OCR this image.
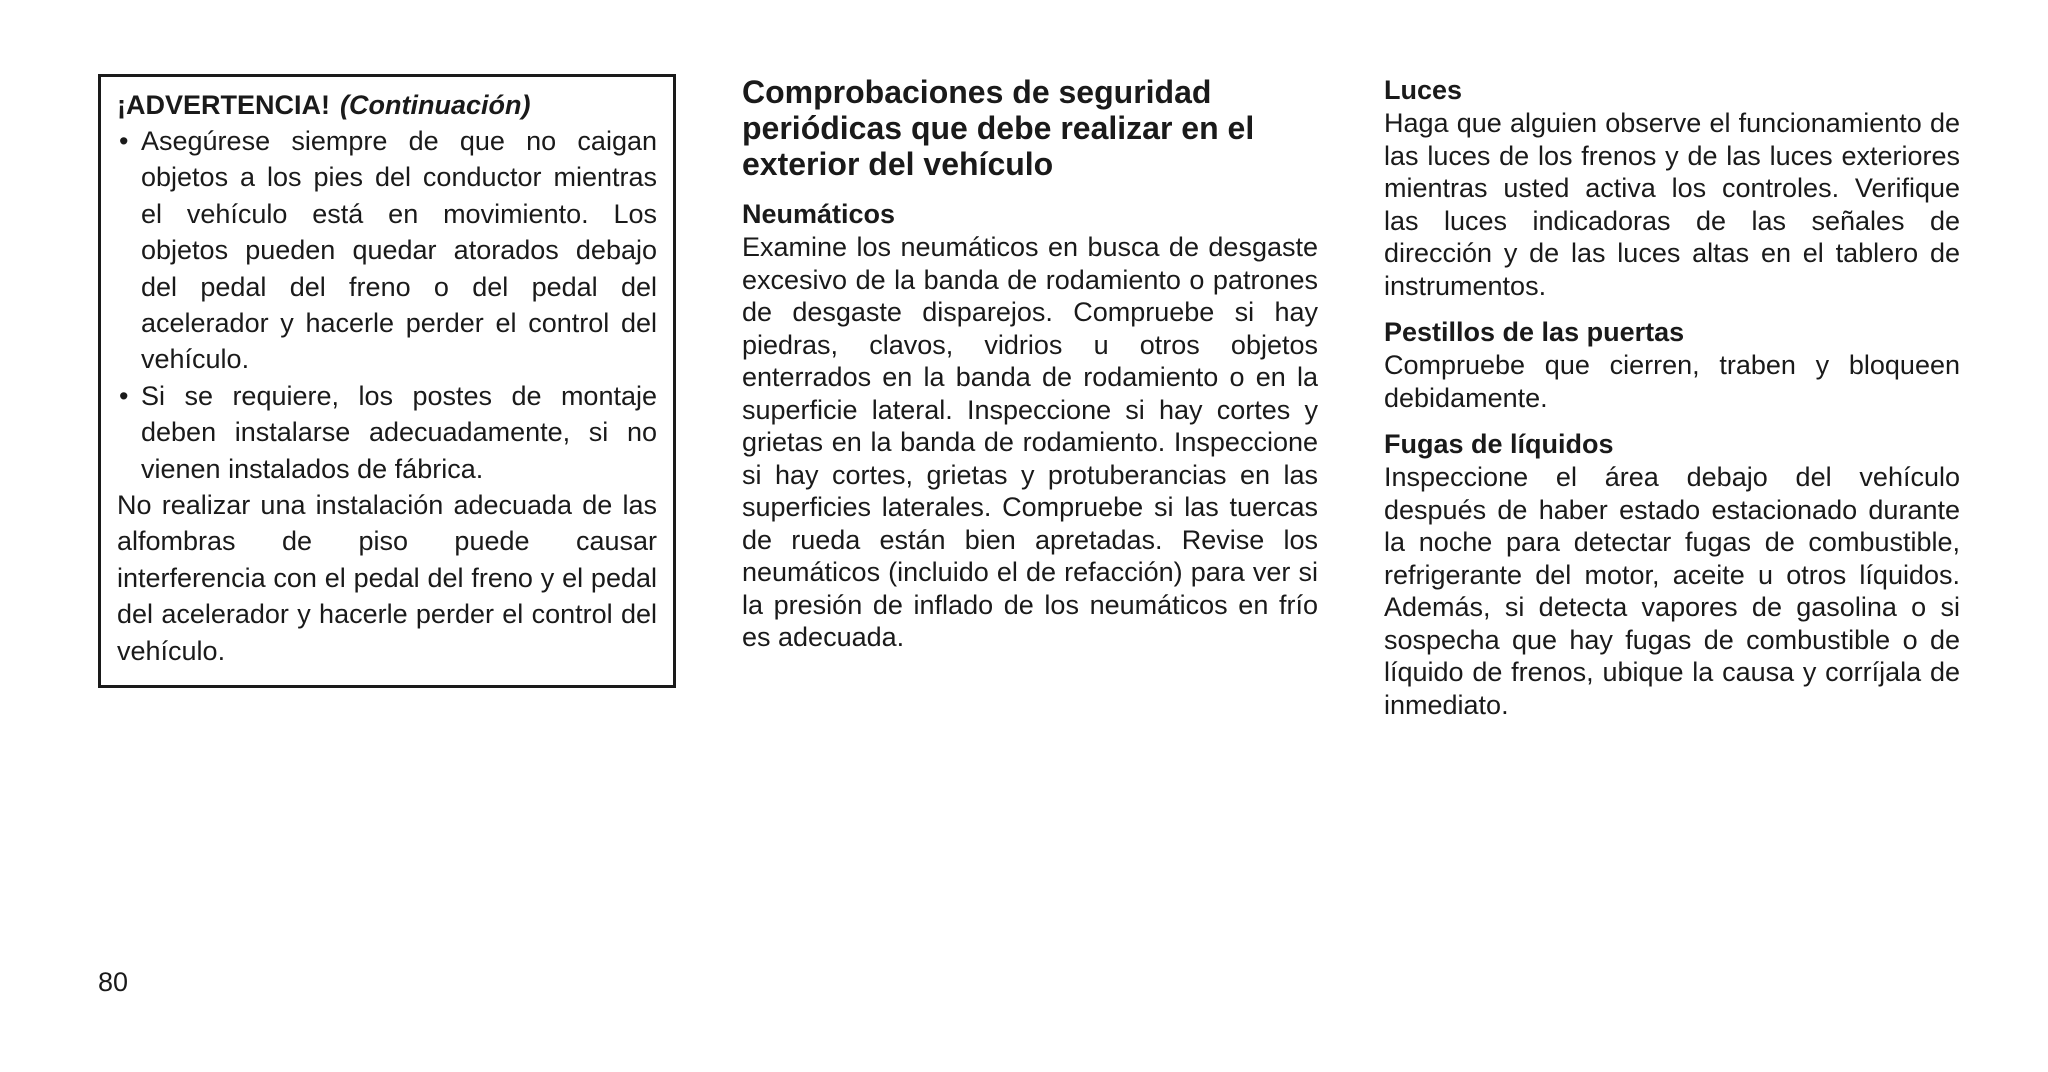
¡ADVERTENCIA! (Continuación)
• Asegúrese siempre de que no caigan objetos a los pies del conductor mientras el vehículo está en movimiento. Los objetos pueden quedar atorados debajo del pedal del freno o del pedal del acelerador y hacerle perder el control del vehículo.
• Si se requiere, los postes de montaje deben instalarse adecuadamente, si no vienen instalados de fábrica.
No realizar una instalación adecuada de las alfombras de piso puede causar interferencia con el pedal del freno y el pedal del acelerador y hacerle perder el control del vehículo.
Comprobaciones de seguridad periódicas que debe realizar en el exterior del vehículo
Neumáticos
Examine los neumáticos en busca de desgaste excesivo de la banda de rodamiento o patrones de desgaste disparejos. Compruebe si hay piedras, clavos, vidrios u otros objetos enterrados en la banda de rodamiento o en la superficie lateral. Inspeccione si hay cortes y grietas en la banda de rodamiento. Inspeccione si hay cortes, grietas y protuberancias en las superficies laterales. Compruebe si las tuercas de rueda están bien apretadas. Revise los neumáticos (incluido el de refacción) para ver si la presión de inflado de los neumáticos en frío es adecuada.
Luces
Haga que alguien observe el funcionamiento de las luces de los frenos y de las luces exteriores mientras usted activa los controles. Verifique las luces indicadoras de las señales de dirección y de las luces altas en el tablero de instrumentos.
Pestillos de las puertas
Compruebe que cierren, traben y bloqueen debidamente.
Fugas de líquidos
Inspeccione el área debajo del vehículo después de haber estado estacionado durante la noche para detectar fugas de combustible, refrigerante del motor, aceite u otros líquidos. Además, si detecta vapores de gasolina o si sospecha que hay fugas de combustible o de líquido de frenos, ubique la causa y corríjala de inmediato.
80
